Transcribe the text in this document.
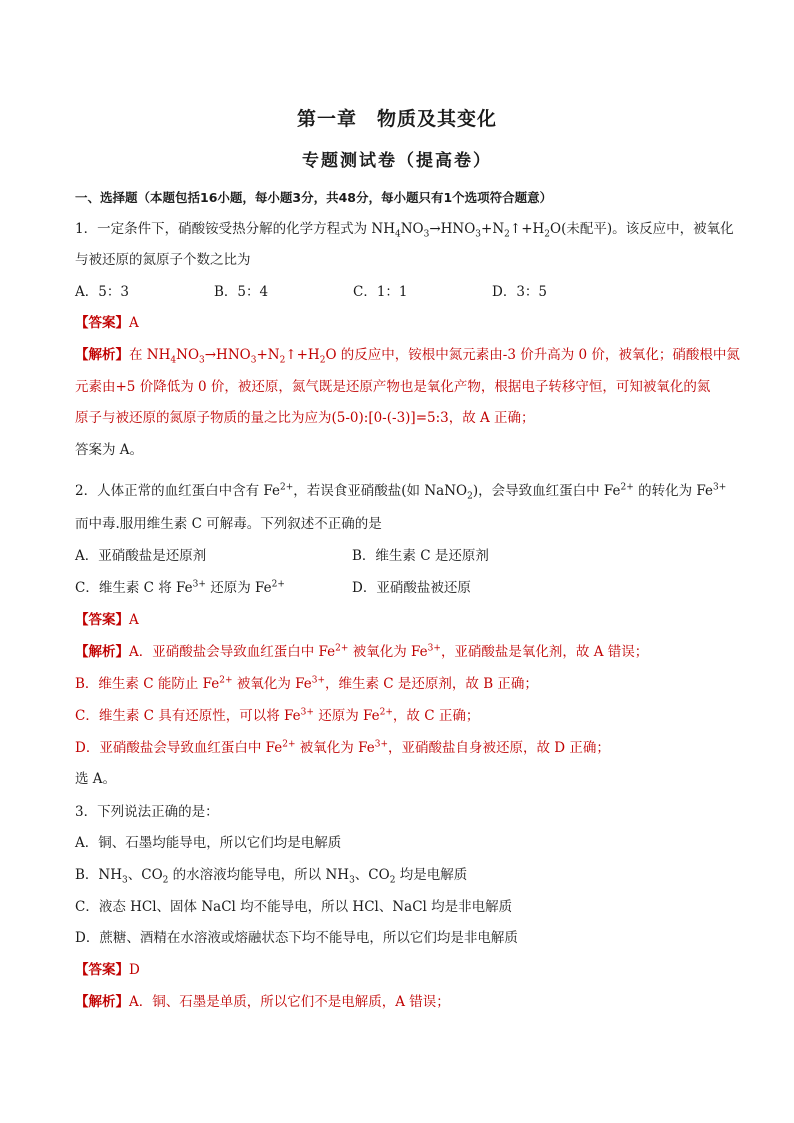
第一章　物质及其变化
专题测试卷（提高卷）
一、选择题（本题包括16小题，每小题3分，共48分，每小题只有1个选项符合题意）
1．一定条件下，硝酸铵受热分解的化学方程式为 $NH_4NO_3\to HNO_3+N_2↑+H_2O$(未配平)。该反应中，被氧化
与被还原的氮原子个数之比为
A．5：3	B．5：4	C．1：1	D．3：5
【答案】A
【解析】在 $NH_4NO_3\to HNO_3+N_2↑+H_2O$ 的反应中，铵根中氮元素由-3 价升高为 0 价，被氧化；硝酸根中氮
元素由+5 价降低为 0 价，被还原，氮气既是还原产物也是氧化产物，根据电子转移守恒，可知被氧化的氮
原子与被还原的氮原子物质的量之比为应为(5-0):[0-(-3)]=5:3，故 A 正确；
答案为 A。
2．人体正常的血红蛋白中含有 $Fe^{2+}$，若误食亚硝酸盐(如 NaNO$_2$)，会导致血红蛋白中 $Fe^{2+}$ 的转化为 $Fe^{3+}$
而中毒.服用维生素 C 可解毒。下列叙述不正确的是
A．亚硝酸盐是还原剂	B．维生素 C 是还原剂
C．维生素 C 将 $Fe^{3+}$ 还原为 $Fe^{2+}$	D．亚硝酸盐被还原
【答案】A
【解析】A．亚硝酸盐会导致血红蛋白中 $Fe^{2+}$ 被氧化为 $Fe^{3+}$，亚硝酸盐是氧化剂，故 A 错误；
B．维生素 C 能防止 $Fe^{2+}$ 被氧化为 $Fe^{3+}$，维生素 C 是还原剂，故 B 正确；
C．维生素 C 具有还原性，可以将 $Fe^{3+}$ 还原为 $Fe^{2+}$，故 C 正确；
D．亚硝酸盐会导致血红蛋白中 $Fe^{2+}$ 被氧化为 $Fe^{3+}$，亚硝酸盐自身被还原，故 D 正确；
选 A。
3．下列说法正确的是：
A．铜、石墨均能导电，所以它们均是电解质
B．$NH_3$、$CO_2$ 的水溶液均能导电，所以 $NH_3$、$CO_2$ 均是电解质
C．液态 HCl、固体 NaCl 均不能导电，所以 HCl、NaCl 均是非电解质
D．蔗糖、酒精在水溶液或熔融状态下均不能导电，所以它们均是非电解质
【答案】D
【解析】A．铜、石墨是单质，所以它们不是电解质，A 错误；
